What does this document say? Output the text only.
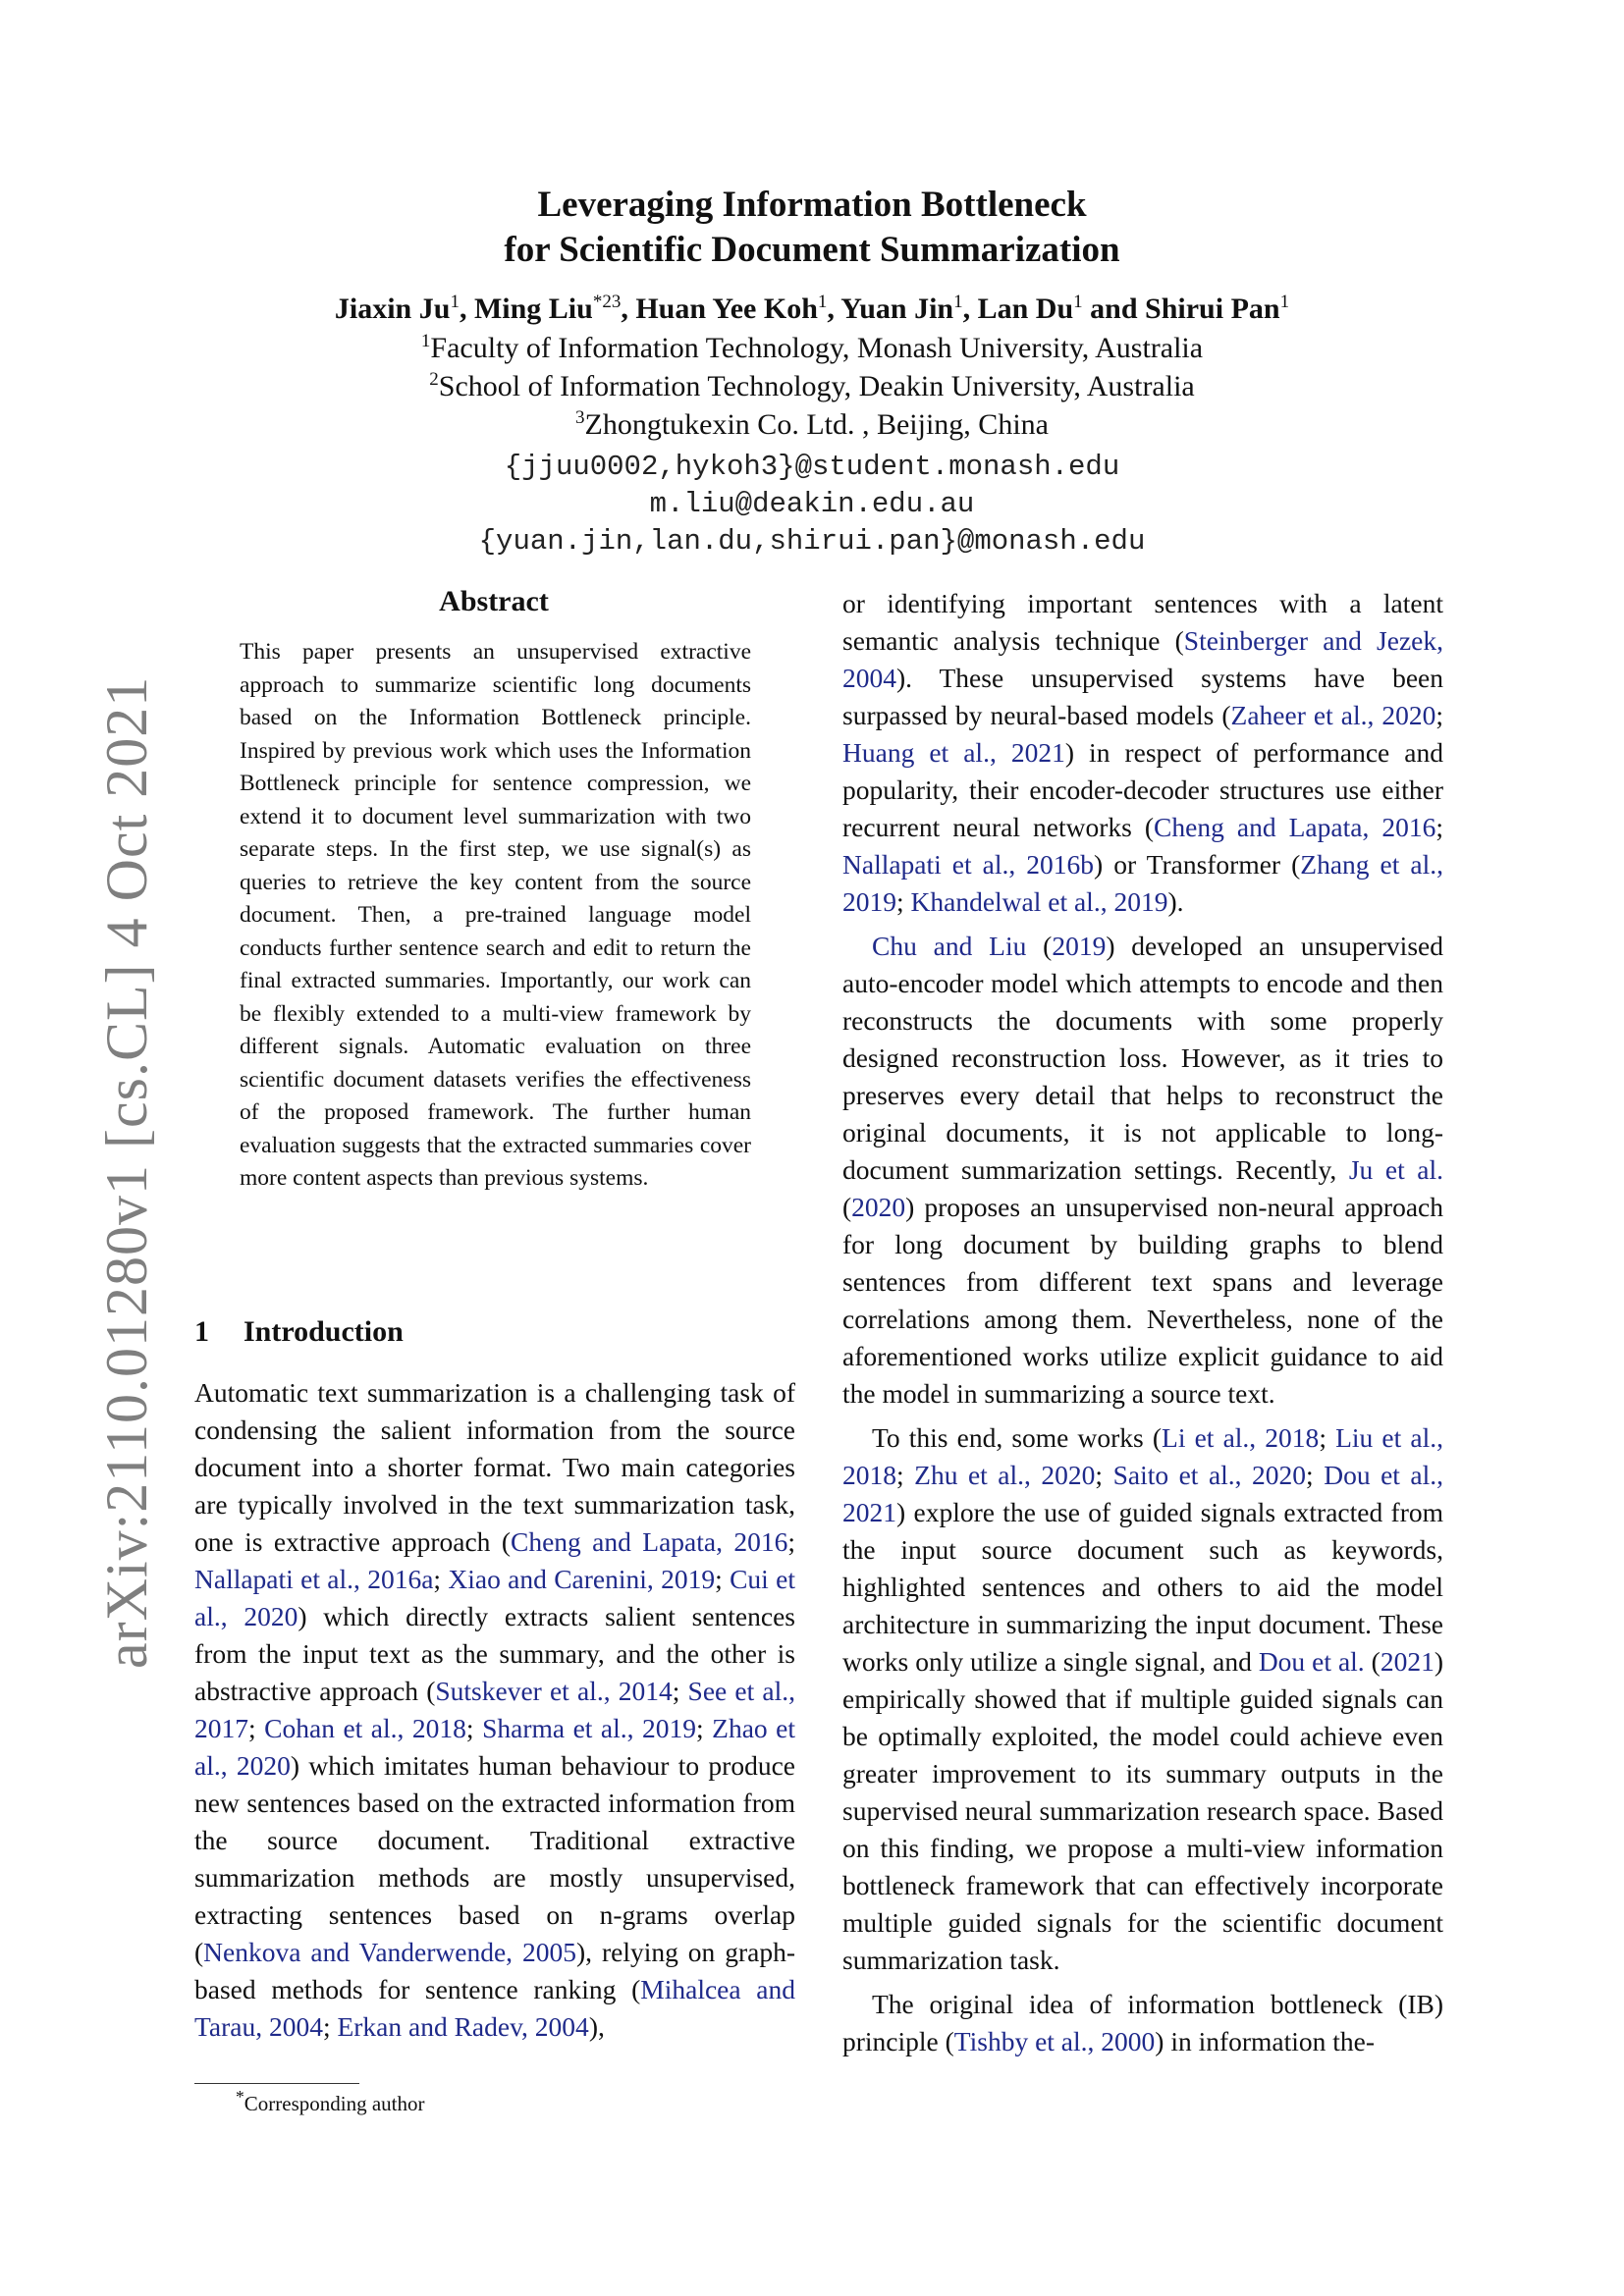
arXiv:2110.01280v1 [cs.CL] 4 Oct 2021
Leveraging Information Bottleneck
for Scientific Document Summarization
Jiaxin Ju$^1$, Ming Liu$^{*23}$, Huan Yee Koh$^1$, Yuan Jin$^1$, Lan Du$^1$ and Shirui Pan$^1$
$^1$Faculty of Information Technology, Monash University, Australia
$^2$School of Information Technology, Deakin University, Australia
$^3$Zhongtukexin Co. Ltd. , Beijing, China
{jjuu0002,hykoh3}@student.monash.edu
m.liu@deakin.edu.au
{yuan.jin,lan.du,shirui.pan}@monash.edu
Abstract
This paper presents an unsupervised extractive approach to summarize scientific long documents based on the Information Bottleneck principle. Inspired by previous work which uses the Information Bottleneck principle for sentence compression, we extend it to document level summarization with two separate steps. In the first step, we use signal(s) as queries to retrieve the key content from the source document. Then, a pre-trained language model conducts further sentence search and edit to return the final extracted summaries. Importantly, our work can be flexibly extended to a multi-view framework by different signals. Automatic evaluation on three scientific document datasets verifies the effectiveness of the proposed framework. The further human evaluation suggests that the extracted summaries cover more content aspects than previous systems.
1 Introduction

Automatic text summarization is a challenging task of condensing the salient information from the source document into a shorter format. Two main categories are typically involved in the text summarization task, one is extractive approach (Cheng and Lapata, 2016; Nallapati et al., 2016a; Xiao and Carenini, 2019; Cui et al., 2020) which directly extracts salient sentences from the input text as the summary, and the other is abstractive approach (Sutskever et al., 2014; See et al., 2017; Cohan et al., 2018; Sharma et al., 2019; Zhao et al., 2020) which imitates human behaviour to produce new sentences based on the extracted information from the source document. Traditional extractive summarization methods are mostly unsupervised, extracting sentences based on n-grams overlap (Nenkova and Vanderwende, 2005), relying on graph-based methods for sentence ranking (Mihalcea and Tarau, 2004; Erkan and Radev, 2004),

or identifying important sentences with a latent semantic analysis technique (Steinberger and Jezek, 2004). These unsupervised systems have been surpassed by neural-based models (Zaheer et al., 2020; Huang et al., 2021) in respect of performance and popularity, their encoder-decoder structures use either recurrent neural networks (Cheng and Lapata, 2016; Nallapati et al., 2016b) or Transformer (Zhang et al., 2019; Khandelwal et al., 2019).

Chu and Liu (2019) developed an unsupervised auto-encoder model which attempts to encode and then reconstructs the documents with some properly designed reconstruction loss. However, as it tries to preserves every detail that helps to reconstruct the original documents, it is not applicable to long-document summarization settings. Recently, Ju et al. (2020) proposes an unsupervised non-neural approach for long document by building graphs to blend sentences from different text spans and leverage correlations among them. Nevertheless, none of the aforementioned works utilize explicit guidance to aid the model in summarizing a source text.

To this end, some works (Li et al., 2018; Liu et al., 2018; Zhu et al., 2020; Saito et al., 2020; Dou et al., 2021) explore the use of guided signals extracted from the input source document such as keywords, highlighted sentences and others to aid the model architecture in summarizing the input document. These works only utilize a single signal, and Dou et al. (2021) empirically showed that if multiple guided signals can be optimally exploited, the model could achieve even greater improvement to its summary outputs in the supervised neural summarization research space. Based on this finding, we propose a multi-view information bottleneck framework that can effectively incorporate multiple guided signals for the scientific document summarization task.

The original idea of information bottleneck (IB) principle (Tishby et al., 2000) in information the-

*Corresponding author
